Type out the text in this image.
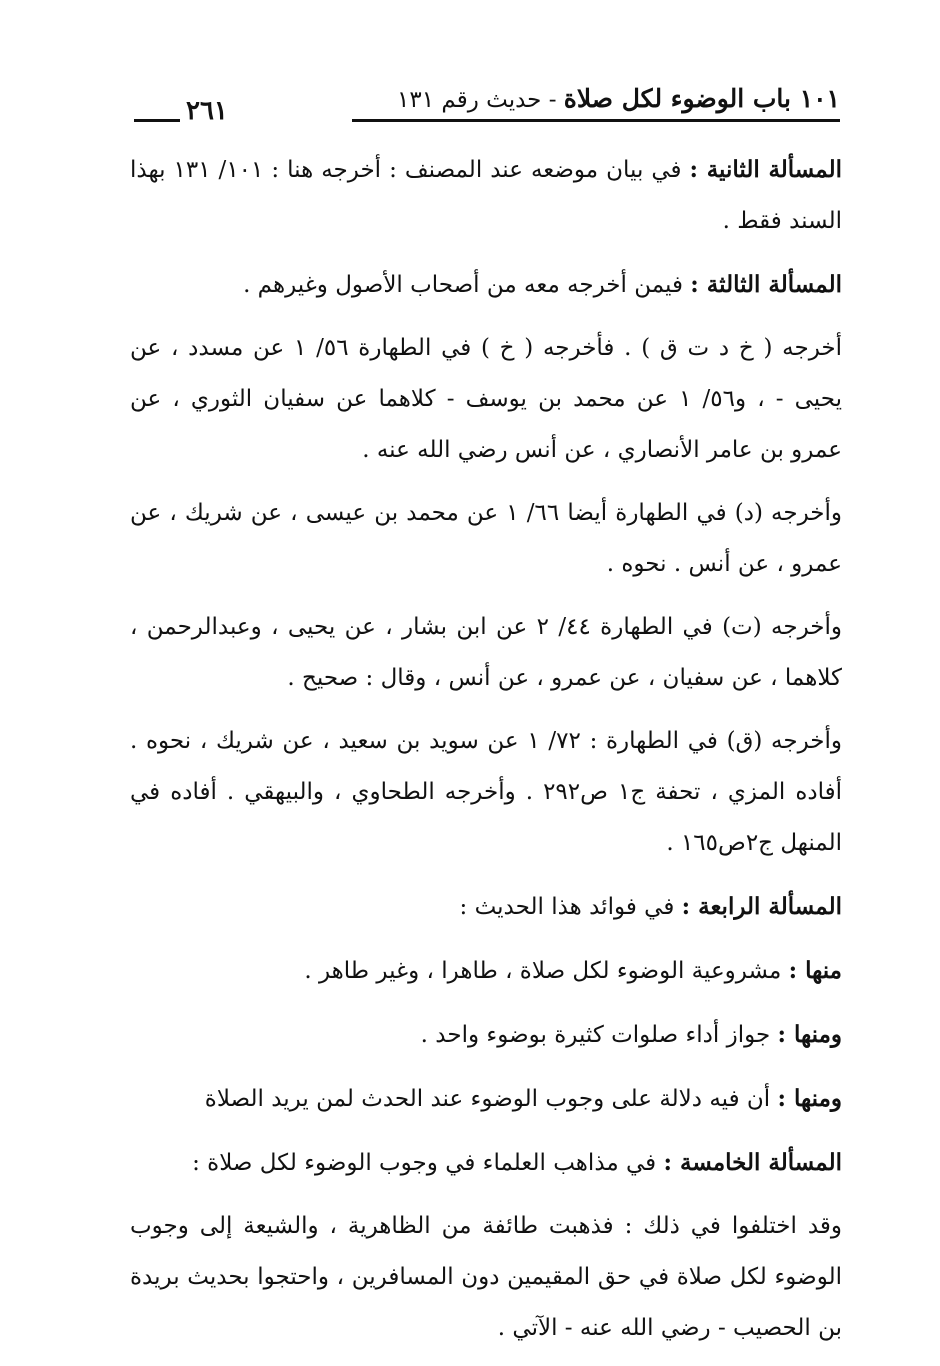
١٠١ باب الوضوء لكل صلاة - حديث رقم ١٣١
٢٦١

المسألة الثانية : في بيان موضعه عند المصنف : أخرجه هنا : ١٠١/ ١٣١ بهذا السند فقط .

المسألة الثالثة : فيمن أخرجه معه من أصحاب الأصول وغيرهم .

أخرجه ( خ د ت ق ) . فأخرجه ( خ ) في الطهارة ٥٦/ ١ عن مسدد ، عن يحيى - ، و٥٦/ ١ عن محمد بن يوسف - كلاهما عن سفيان الثوري ، عن عمرو بن عامر الأنصاري ، عن أنس رضي الله عنه .

وأخرجه (د) في الطهارة أيضا ٦٦/ ١ عن محمد بن عيسى ، عن شريك ، عن عمرو ، عن أنس . نحوه .

وأخرجه (ت) في الطهارة ٤٤/ ٢ عن ابن بشار ، عن يحيى ، وعبدالرحمن ، كلاهما ، عن سفيان ، عن عمرو ، عن أنس ، وقال : صحيح .

وأخرجه (ق) في الطهارة : ٧٢/ ١ عن سويد بن سعيد ، عن شريك ، نحوه . أفاده المزي ، تحفة ج١ ص٢٩٢ . وأخرجه الطحاوي ، والبيهقي . أفاده في المنهل ج٢ص١٦٥ .

المسألة الرابعة : في فوائد هذا الحديث :

منها : مشروعية الوضوء لكل صلاة ، طاهرا ، وغير طاهر .

ومنها : جواز أداء صلوات كثيرة بوضوء واحد .

ومنها : أن فيه دلالة على وجوب الوضوء عند الحدث لمن يريد الصلاة

المسألة الخامسة : في مذاهب العلماء في وجوب الوضوء لكل صلاة :

وقد اختلفوا في ذلك : فذهبت طائفة من الظاهرية ، والشيعة إلى وجوب الوضوء لكل صلاة في حق المقيمين دون المسافرين ، واحتجوا بحديث بريدة بن الحصيب - رضي الله عنه - الآتي .
